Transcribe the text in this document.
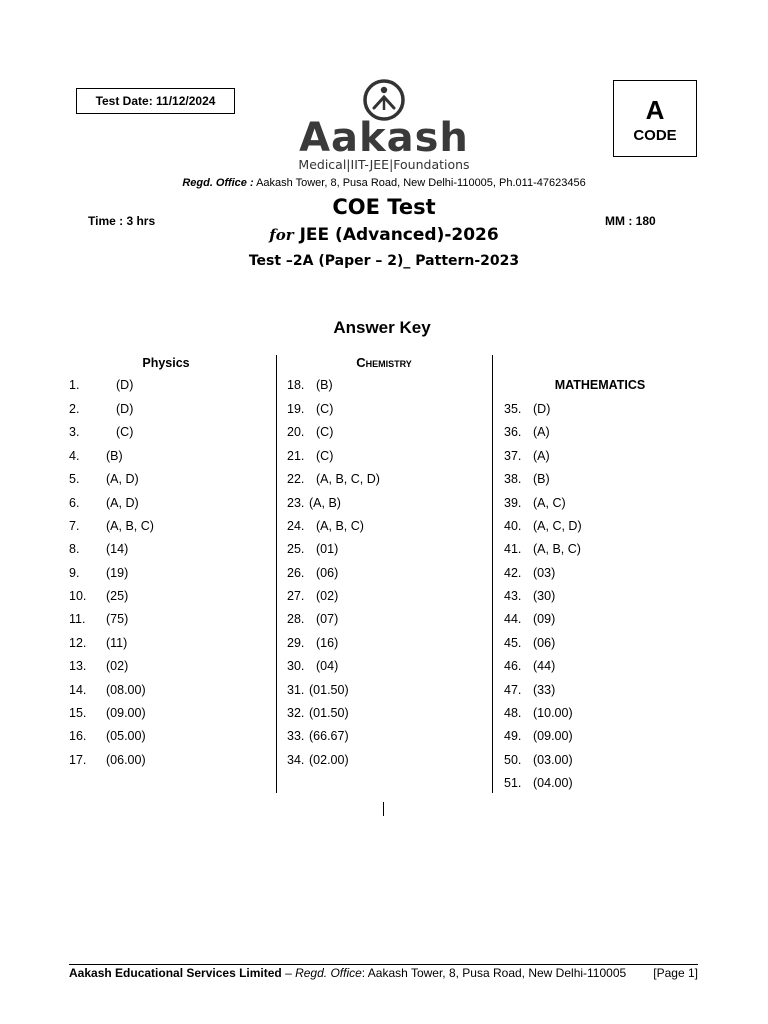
Test Date: 11/12/2024
Aakash
Medical|IIT-JEE|Foundations
A
CODE
Regd. Office : Aakash Tower, 8, Pusa Road, New Delhi-110005, Ph.011-47623456
Time : 3 hrs	MM : 180
COE Test
for JEE (Advanced)-2026
Test –2A (Paper – 2)_ Pattern-2023
Answer Key
Physics	Chemistry
MATHEMATICS
1.	(D)
2.	(D)
3.	(C)
4. (B)
5. (A, D)
6. (A, D)
7. (A, B, C)
8. (14)
9. (19)
10. (25)
11. (75)
12. (11)
13. (02)
14. (08.00)
15. (09.00)
16. (05.00)
17. (06.00)
18. (B)
19. (C)
20. (C)
21. (C)
22. (A, B, C, D)
23. (A, B)
24. (A, B, C)
25. (01)
26. (06)
27. (02)
28. (07)
29. (16)
30. (04)
31. (01.50)
32. (01.50)
33. (66.67)
34. (02.00)
35. (D)
36. (A)
37. (A)
38. (B)
39. (A, C)
40. (A, C, D)
41. (A, B, C)
42. (03)
43. (30)
44. (09)
45. (06)
46. (44)
47. (33)
48. (10.00)
49. (09.00)
50. (03.00)
51. (04.00)
Aakash Educational Services Limited – Regd. Office: Aakash Tower, 8, Pusa Road, New Delhi-110005 [Page 1]
